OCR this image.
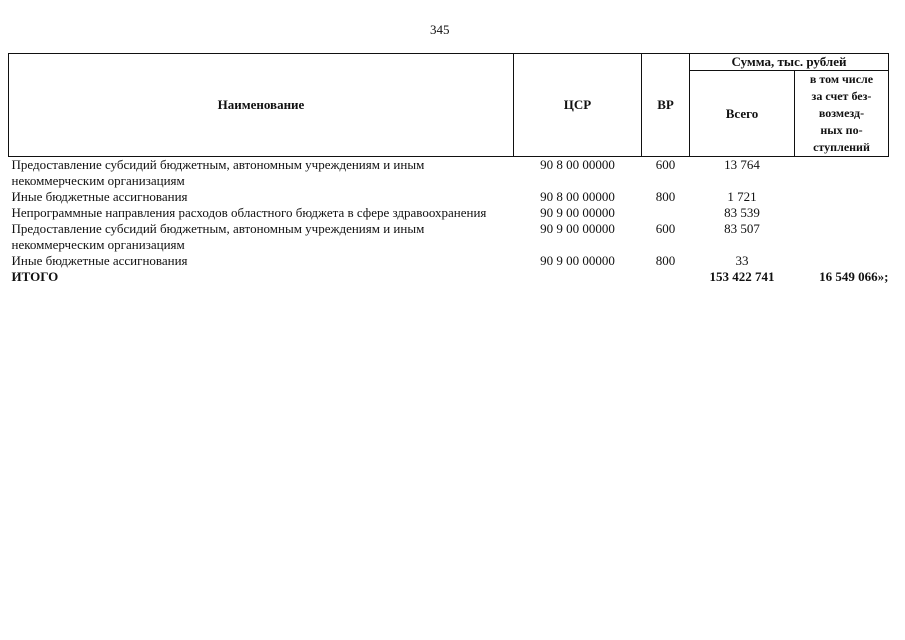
345
Наименование	ЦСР	ВР	Сумма, тыс. рублей	
			Всего	в том числе
за счет без-
возмезд-
ных по-
ступлений

Предоставление субсидий бюджетным, автономным учреждениям и иным некоммерческим организациям	90 8 00 00000	600	13 764	
Иные бюджетные ассигнования	90 8 00 00000	800	1 721	
Непрограммные направления расходов областного бюджета в сфере здравоохранения	90 9 00 00000		83 539	
Предоставление субсидий бюджетным, автономным учреждениям и иным некоммерческим организациям	90 9 00 00000	600	83 507	
Иные бюджетные ассигнования	90 9 00 00000	800	33	
ИТОГО			153 422 741	16 549 066»;
